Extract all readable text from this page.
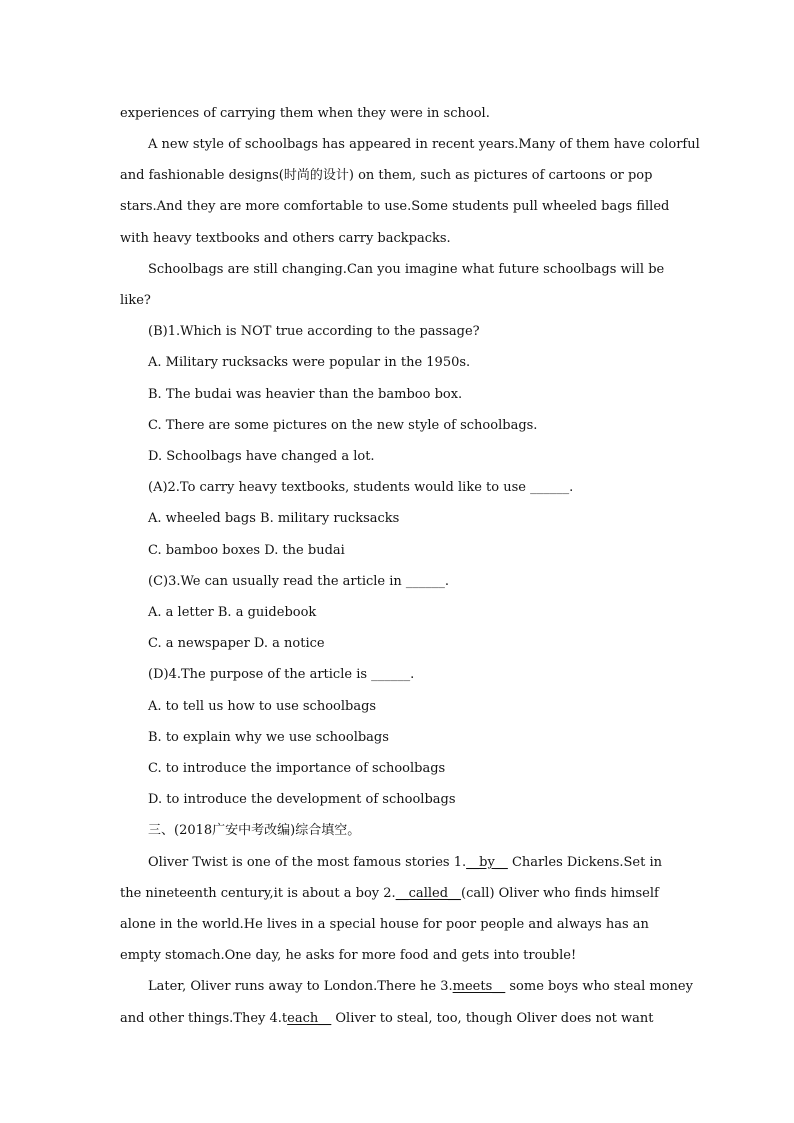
experiences of carrying them when they were in school.
A new style of schoolbags has appeared in recent years.Many of them have colorful
and fashionable designs(时尚的设计) on them, such as pictures of cartoons or pop
stars.And they are more comfortable to use.Some students pull wheeled bags filled
with heavy textbooks and others carry backpacks.
Schoolbags are still changing.Can you imagine what future schoolbags will be
like?
(B)1.Which is NOT true according to the passage?
A. Military rucksacks were popular in the 1950s.
B. The budai was heavier than the bamboo box.
C. There are some pictures on the new style of schoolbags.
D. Schoolbags have changed a lot.
(A)2.To carry heavy textbooks, students would like to use ______.
A. wheeled bags B. military rucksacks
C. bamboo boxes D. the budai
(C)3.We can usually read the article in ______.
A. a letter B. a guidebook
C. a newspaper D. a notice
(D)4.The purpose of the article is ______.
A. to tell us how to use schoolbags
B. to explain why we use schoolbags
C. to introduce the importance of schoolbags
D. to introduce the development of schoolbags
三、(2018广安中考改编)综合填空。
Oliver Twist is one of the most famous stories 1.__by__ Charles Dickens.Set in
the nineteenth century,it is about a boy 2.__called__(call) Oliver who finds himself
alone in the world.He lives in a special house for poor people and always has an
empty stomach.One day, he asks for more food and gets into trouble!
Later, Oliver runs away to London.There he 3.meets__ some boys who steal money
and other things.They 4.teach__ Oliver to steal, too, though Oliver does not want
